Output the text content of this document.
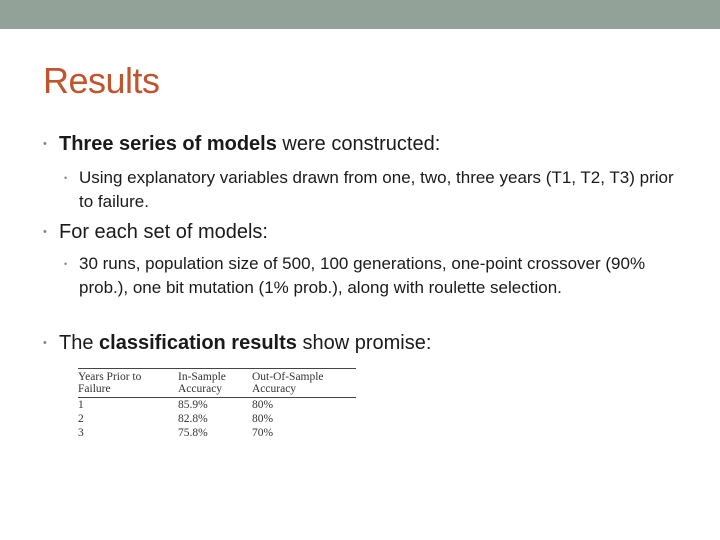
Results
• Three series of models were constructed:
• Using explanatory variables drawn from one, two, three years (T1, T2, T3) prior to failure.
• For each set of models:
• 30 runs, population size of 500, 100 generations, one-point crossover (90% prob.), one bit mutation (1% prob.), along with roulette selection.
• The classification results show promise:
Years Prior to	In-Sample	Out-Of-Sample
Failure	Accuracy	Accuracy
1	85.9%	80%
2	82.8%	80%
3	75.8%	70%
